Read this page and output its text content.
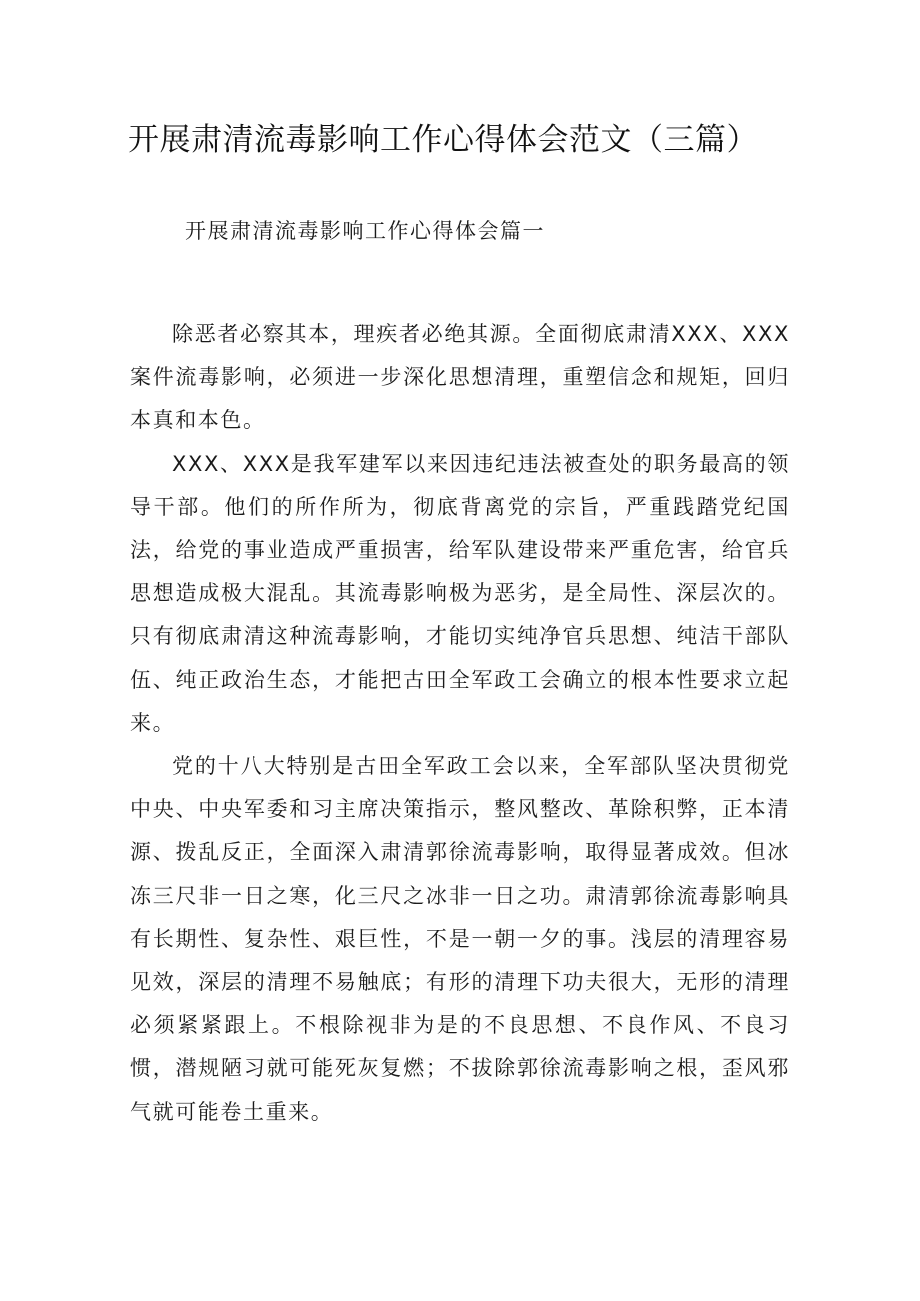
开展肃清流毒影响工作心得体会范文（三篇）

开展肃清流毒影响工作心得体会篇一

除恶者必察其本，理疾者必绝其源。全面彻底肃清XXX、XXX案件流毒影响，必须进一步深化思想清理，重塑信念和规矩，回归本真和本色。

XXX、XXX是我军建军以来因违纪违法被查处的职务最高的领导干部。他们的所作所为，彻底背离党的宗旨，严重践踏党纪国法，给党的事业造成严重损害，给军队建设带来严重危害，给官兵思想造成极大混乱。其流毒影响极为恶劣，是全局性、深层次的。只有彻底肃清这种流毒影响，才能切实纯净官兵思想、纯洁干部队伍、纯正政治生态，才能把古田全军政工会确立的根本性要求立起来。

党的十八大特别是古田全军政工会以来，全军部队坚决贯彻党中央、中央军委和习主席决策指示，整风整改、革除积弊，正本清源、拨乱反正，全面深入肃清郭徐流毒影响，取得显著成效。但冰冻三尺非一日之寒，化三尺之冰非一日之功。肃清郭徐流毒影响具有长期性、复杂性、艰巨性，不是一朝一夕的事。浅层的清理容易见效，深层的清理不易触底；有形的清理下功夫很大，无形的清理必须紧紧跟上。不根除视非为是的不良思想、不良作风、不良习惯，潜规陋习就可能死灰复燃；不拔除郭徐流毒影响之根，歪风邪气就可能卷土重来。
